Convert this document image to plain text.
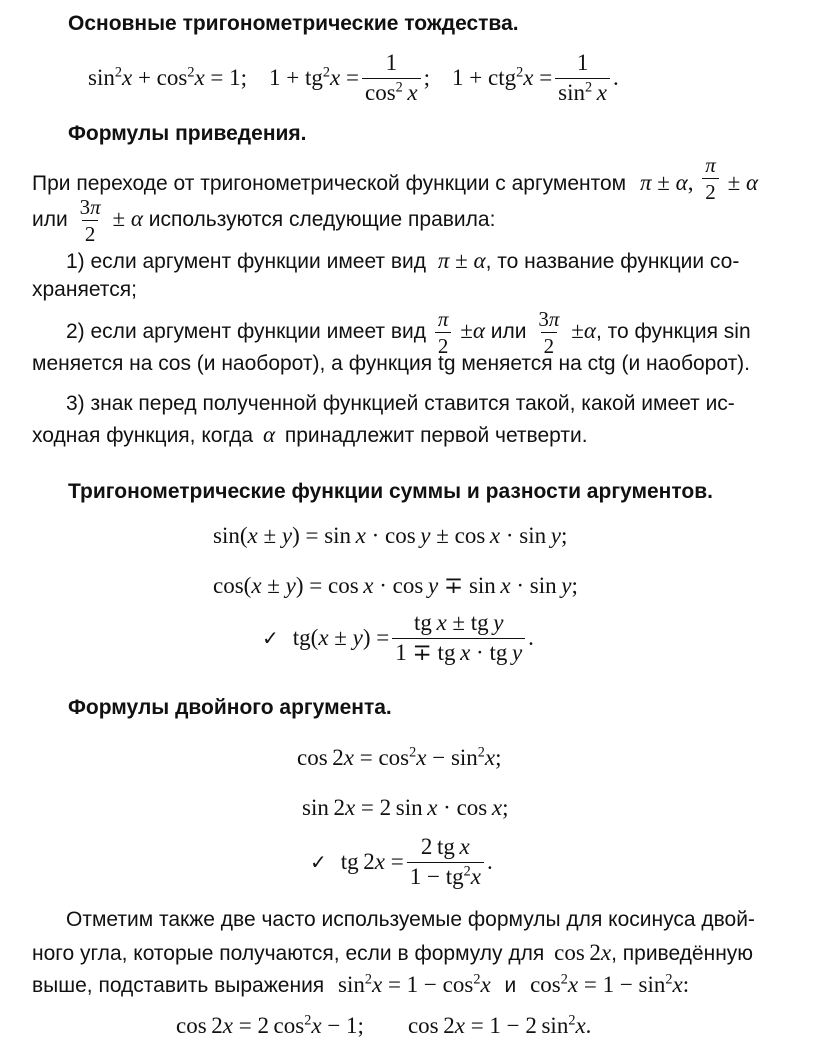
Основные тригонометрические тождества.
$\sin^2x + \cos^2x = 1$; $1 + tg^2x = \frac{1}{\cos^2 x}$ ; $1 + ctg^2x = \frac{1}{\sin^2 x}$ .
Формулы приведения.
При переходе от тригонометрической функции с аргументом π ± α, $\frac{\pi}{2} \pm \alpha$
или $\frac{3\pi}{2} \pm \alpha$ используются следующие правила:
1) если аргумент функции имеет вид π ± α, то название функции со-
храняется;
2) если аргумент функции имеет вид $\frac{\pi}{2} \pm\alpha$ или $\frac{3\pi}{2} \pm\alpha$, то функция sin
меняется на cos (и наоборот), а функция tg меняется на ctg (и наоборот).
3) знак перед полученной функцией ставится такой, какой имеет ис-
ходная функция, когда α принадлежит первой четверти.
Тригонометрические функции суммы и разности аргументов.
sin(x ± y) = sin x · cos y ± cos x · sin y;
cos(x ± y) = cos x · cos y ∓ sin x · sin y;
✓ $tg(x \pm y) = \frac{\text{tg x ± tg y}}{\text{1 ∓ tg x · tg y}}$ .
Формулы двойного аргумента.
$\cos 2x = \cos^2x - \sin^2x$;
sin 2x = 2 sin x · cos x;
✓ tg $2x = \frac{\text{2 tg x}}{1 - tg^2x}$ .
Отметим также две часто используемые формулы для косинуса двой-
ного угла, которые получаются, если в формулу для cos 2x, приведённую
выше, подставить выражения $\sin^2x = 1 - \cos^2x$ и $\cos^2x = 1 - \sin^2x$:
cos 2x = 2 $\cos^2x - 1$; cos 2x = 1 − 2 $\sin^2x$.
